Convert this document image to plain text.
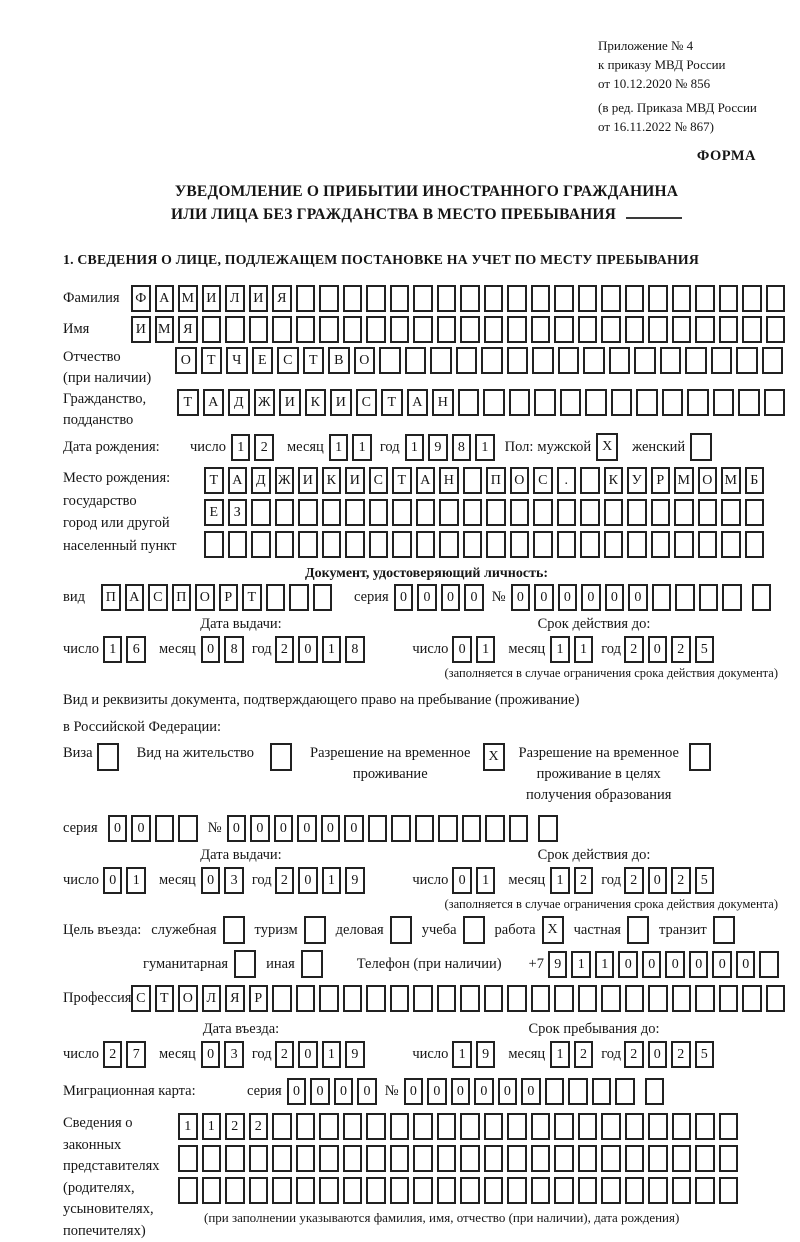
Приложение № 4
к приказу МВД России
от 10.12.2020 № 856
(в ред. Приказа МВД России
от 16.11.2022 № 867)
ФОРМА
УВЕДОМЛЕНИЕ О ПРИБЫТИИ ИНОСТРАННОГО ГРАЖДАНИНА
ИЛИ ЛИЦА БЕЗ ГРАЖДАНСТВА В МЕСТО ПРЕБЫВАНИЯ
1. СВЕДЕНИЯ О ЛИЦЕ, ПОДЛЕЖАЩЕМ ПОСТАНОВКЕ НА УЧЕТ ПО МЕСТУ ПРЕБЫВАНИЯ
Фамилия	Ф А М И Л И Я
Имя	И М Я
Отчество
(при наличии)
О	Т	Ч	Е	С	Т	В	О
Гражданство,
подданство
Т	А	Д	Ж	И	К	И	С	Т	А	Н
Дата рождения:	число 1	2	месяц 1	1 год 1	9	8	1	Пол: мужской X	женский
Место рождения:
государство
город или другой
населенный пункт
Т	А Д Ж И К И С	Т	А Н	П О С	.	К У	Р М О М Б
Е	З
Документ, удостоверяющий личность:
вид	П А С П О	Р	Т	серия 0	0	0	0 № 0	0	0	0	0	0
Дата выдачи:	Срок действия до:
число 1	6	месяц 0	8 год 2	0	1	8	число 0	1	месяц 1	1 год 2	0	2	5
(заполняется в случае ограничения срока действия документа)
Вид и реквизиты документа, подтверждающего право на пребывание (проживание)
в Российской Федерации:
Виза	Вид на жительство	Разрешение на временное
проживание
X	Разрешение на временное
проживание в целях
получения образования
серия	0	0	№ 0	0	0	0	0	0
Дата выдачи:	Срок действия до:
число 0	1	месяц 0	3 год 2	0	1	9	число 0	1	месяц 1	2 год 2	0	2	5
(заполняется в случае ограничения срока действия документа)
Цель въезда: служебная	туризм	деловая	учеба	работа X	частная	транзит
гуманитарная	иная	Телефон (при наличии) +7 9	1	1	0	0	0	0	0	0
Профессия С	Т	О Л	Я	Р
Дата въезда:	Срок пребывания до:
число 2	7	месяц 0	3 год 2	0	1	9	число 1	9	месяц 1	2 год 2	0	2	5
Миграционная карта:	серия 0	0	0	0 № 0	0	0	0	0	0
Сведения о
законных
представителях
(родителях,
усыновителях,
попечителях)
1	1	2	2
(при заполнении указываются фамилия, имя, отчество (при наличии), дата рождения)
